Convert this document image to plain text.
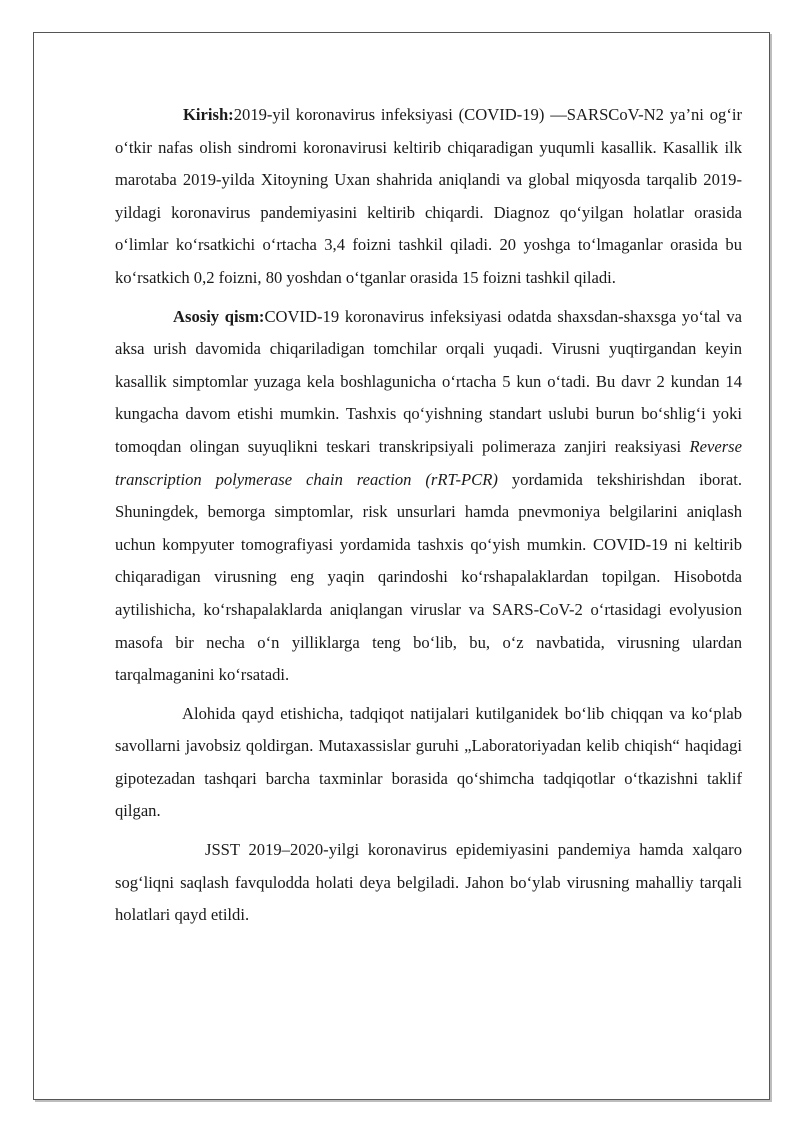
Kirish:2019-yil koronavirus infeksiyasi (COVID-19) —SARSCoV-N2 ya’ni og‘ir o‘tkir nafas olish sindromi koronavirusi keltirib chiqaradigan yuqumli kasallik. Kasallik ilk marotaba 2019-yilda Xitoyning Uxan shahrida aniqlandi va global miqyosda tarqalib 2019- yildagi koronavirus pandemiyasini keltirib chiqardi. Diagnoz qo‘yilgan holatlar orasida o‘limlar ko‘rsatkichi o‘rtacha 3,4 foizni tashkil qiladi. 20 yoshga to‘lmaganlar orasida bu ko‘rsatkich 0,2 foizni, 80 yoshdan o‘tganlar orasida 15 foizni tashkil qiladi.

Asosiy qism:COVID-19 koronavirus infeksiyasi odatda shaxsdan-shaxsga yo‘tal va aksa urish davomida chiqariladigan tomchilar orqali yuqadi. Virusni yuqtirgandan keyin kasallik simptomlar yuzaga kela boshlagunicha o‘rtacha 5 kun o‘tadi. Bu davr 2 kundan 14 kungacha davom etishi mumkin. Tashxis qo‘yishning standart uslubi burun bo‘shlig‘i yoki tomoqdan olingan suyuqlikni teskari transkripsiyali polimeraza zanjiri reaksiyasi Reverse transcription polymerase chain reaction (rRT-PCR) yordamida tekshirishdan iborat. Shuningdek, bemorga simptomlar, risk unsurlari hamda pnevmoniya belgilarini aniqlash uchun kompyuter tomografiyasi yordamida tashxis qo‘yish mumkin. COVID-19 ni keltirib chiqaradigan virusning eng yaqin qarindoshi ko‘rshapalaklardan topilgan. Hisobotda aytilishicha, ko‘rshapalaklarda aniqlangan viruslar va SARS-CoV-2 o‘rtasidagi evolyusion masofa bir necha o‘n yilliklarga teng bo‘lib, bu, o‘z navbatida, virusning ulardan tarqalmaganini ko‘rsatadi.

Alohida qayd etishicha, tadqiqot natijalari kutilganidek bo‘lib chiqqan va ko‘plab savollarni javobsiz qoldirgan. Mutaxassislar guruhi „Laboratoriyadan kelib chiqish“ haqidagi gipotezadan tashqari barcha taxminlar borasida qo‘shimcha tadqiqotlar o‘tkazishni taklif qilgan.

JSST 2019–2020-yilgi koronavirus epidemiyasini pandemiya hamda xalqaro sog‘liqni saqlash favqulodda holati deya belgiladi. Jahon bo‘ylab virusning mahalliy tarqali holatlari qayd etildi.
